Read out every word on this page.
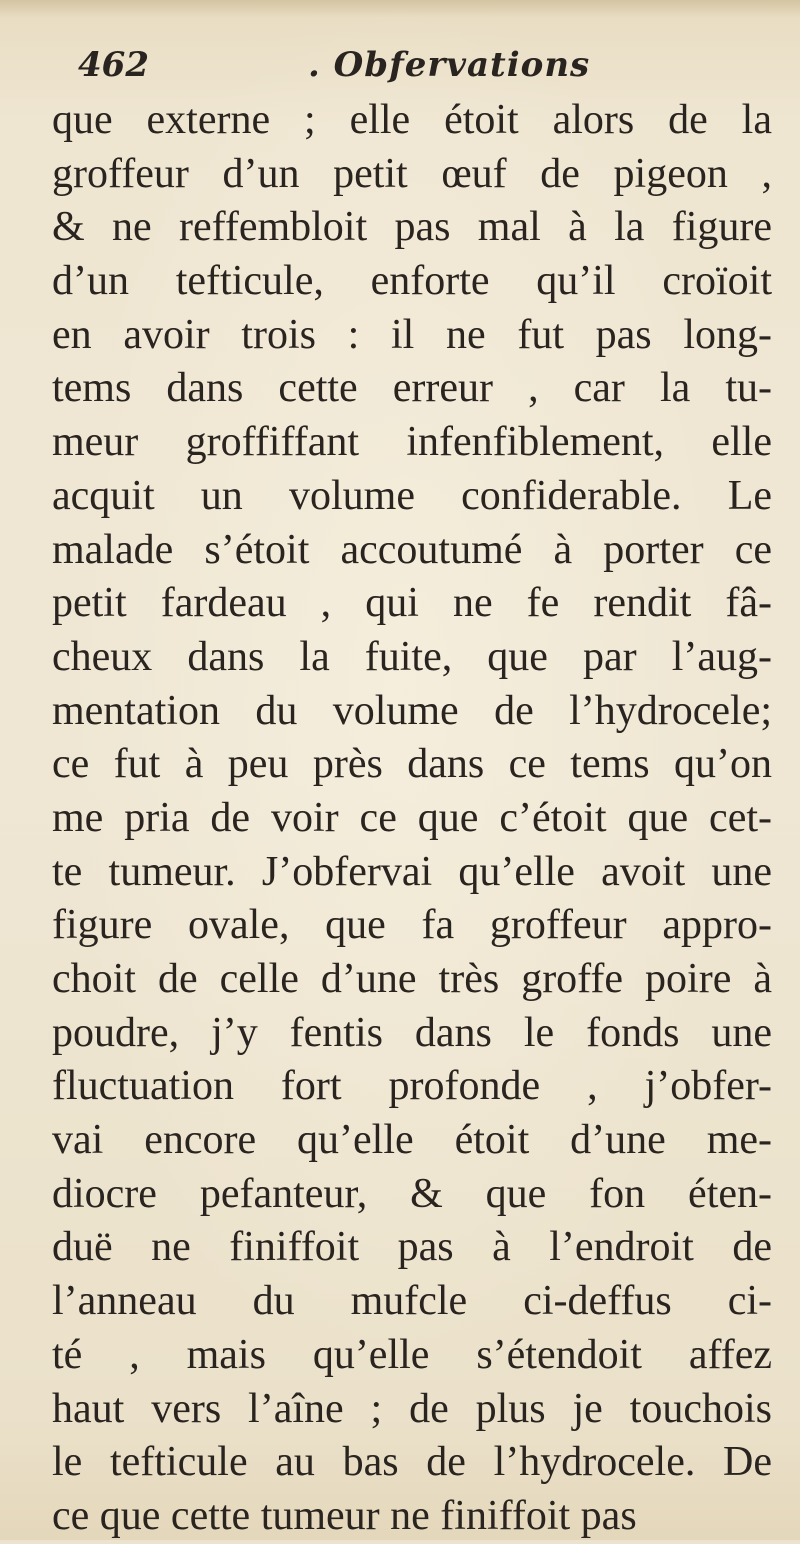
462	. Obfervations
que externe ; elle étoit alors de la
groffeur d’un petit œuf de pigeon ,
& ne reffembloit pas mal à la figure
d’un tefticule, enforte qu’il croïoit
en avoir trois : il ne fut pas long-
tems dans cette erreur , car la tu-
meur groffiffant infenfiblement, elle
acquit un volume confiderable. Le
malade s’étoit accoutumé à porter ce
petit fardeau , qui ne fe rendit fâ-
cheux dans la fuite, que par l’aug-
mentation du volume de l’hydrocele;
ce fut à peu près dans ce tems qu’on
me pria de voir ce que c’étoit que cet-
te tumeur. J’obfervai qu’elle avoit une
figure ovale, que fa groffeur appro-
choit de celle d’une très groffe poire à
poudre, j’y fentis dans le fonds une
fluctuation fort profonde , j’obfer-
vai encore qu’elle étoit d’une me-
diocre pefanteur, & que fon éten-
duë ne finiffoit pas à l’endroit de
l’anneau du mufcle ci-deffus ci-
té , mais qu’elle s’étendoit affez
haut vers l’aîne ; de plus je touchois
le tefticule au bas de l’hydrocele. De
ce que cette tumeur ne finiffoit pas
